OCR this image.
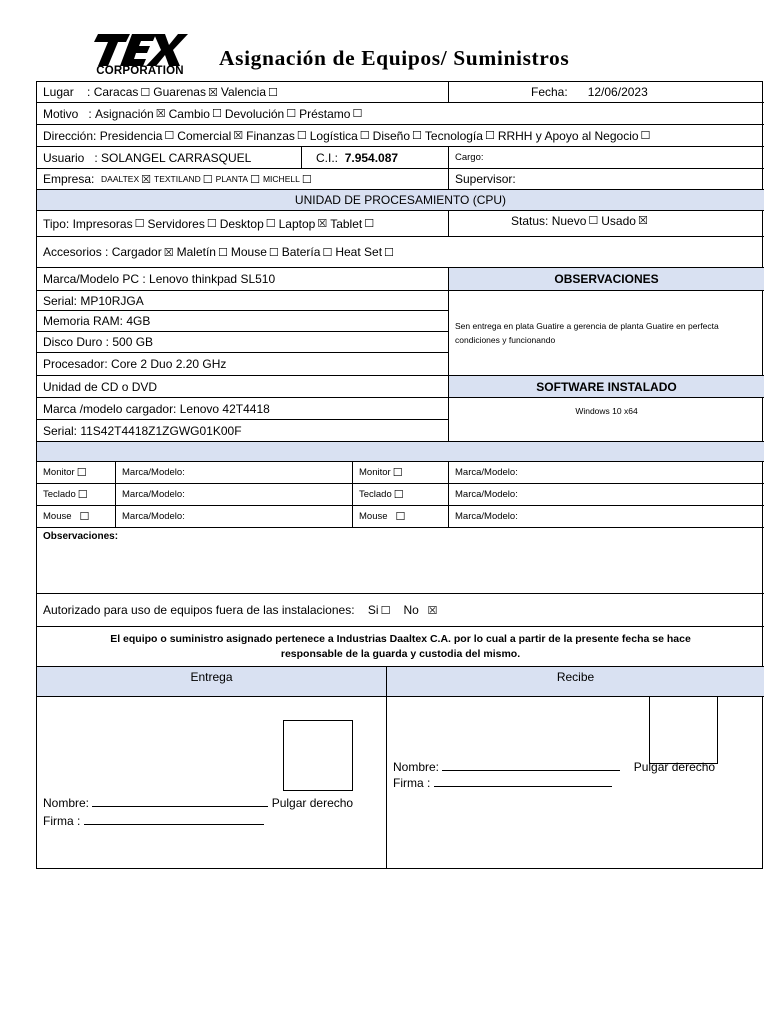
CORPORATION
Asignación de Equipos/ Suministros
Lugar : Caracas ☐ Guarenas ☒ Valencia ☐	Fecha:
12/06/2023
Motivo : Asignación ☒ Cambio ☐ Devolución ☐ Préstamo ☐
Dirección:
Presidencia ☐ Comercial ☒ Finanzas ☐ Logística ☐ Diseño ☐ Tecnología ☐ RRHH y Apoyo al Negocio ☐
Usuario : SOLANGEL CARRASQUEL	C.I.:
7.954.087	Cargo:
Empresa:
DAALTEX ☒ TEXTILAND ☐ PLANTA ☐ MICHELL ☐	Supervisor:
UNIDAD DE PROCESAMIENTO (CPU)
Tipo:
Impresoras ☐ Servidores ☐ Desktop ☐ Laptop ☒ Tablet ☐	Status:
Nuevo ☐ Usado ☒
Accesorios :
Cargador ☒ Maletín ☐ Mouse ☐ Batería ☐ Heat Set ☐
Marca/Modelo PC : Lenovo thinkpad SL510
Serial: MP10RJGA
Memoria RAM: 4GB
Disco Duro : 500 GB
Procesador: Core 2 Duo 2.20 GHz
Unidad de CD o DVD
Marca /modelo cargador: Lenovo 42T4418
Serial: 11S42T4418Z1ZGWG01K00F
OBSERVACIONES
Sen entrega en plata Guatire a gerencia de planta Guatire en perfecta condiciones y funcionando
SOFTWARE INSTALADO
Windows 10 x64
Monitor ☐	Marca/Modelo:	Monitor ☐	Marca/Modelo:
Teclado ☐	Marca/Modelo:	Teclado ☐	Marca/Modelo:
Mouse ☐	Marca/Modelo:	Mouse ☐	Marca/Modelo:
Observaciones:
Autorizado para uso de equipos fuera de las instalaciones:
Si ☐
No
☒
El equipo o suministro asignado pertenece a Industrias Daaltex C.A. por lo cual a partir de la presente fecha se hace
responsable de la guarda y custodia del mismo.
Entrega	Recibe
Nombre:	Pulgar derecho
Firma :
Nombre:	Pulgar derecho
Firma :
